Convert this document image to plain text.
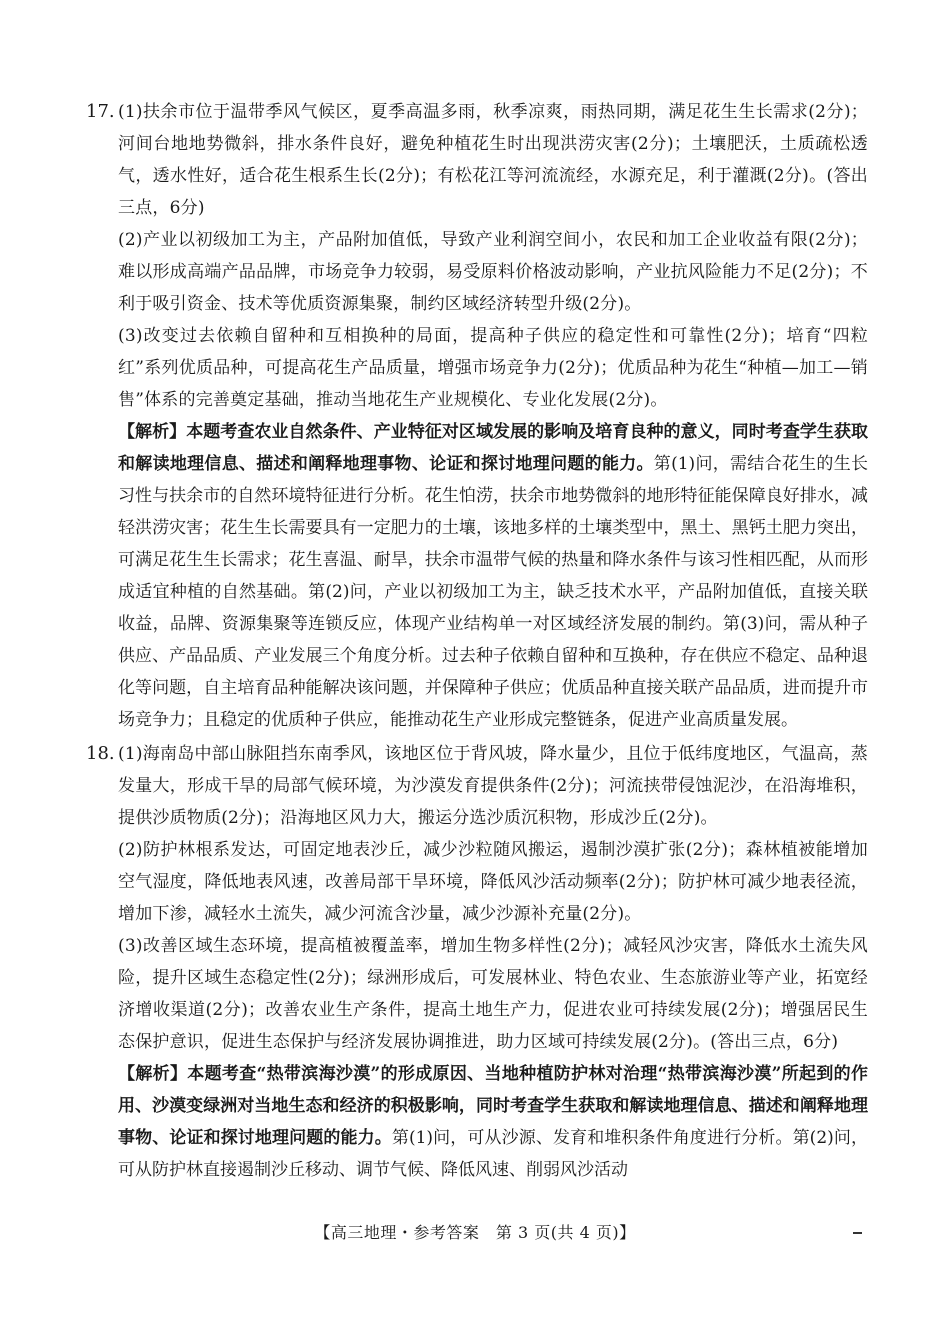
17. (1)扶余市位于温带季风气候区，夏季高温多雨，秋季凉爽，雨热同期，满足花生生长需求(2分)；河间台地地势微斜，排水条件良好，避免种植花生时出现洪涝灾害(2分)；土壤肥沃，土质疏松透气，透水性好，适合花生根系生长(2分)；有松花江等河流流经，水源充足，利于灌溉(2分)。(答出三点，6分)

(2)产业以初级加工为主，产品附加值低，导致产业利润空间小，农民和加工企业收益有限(2分)；难以形成高端产品品牌，市场竞争力较弱，易受原料价格波动影响，产业抗风险能力不足(2分)；不利于吸引资金、技术等优质资源集聚，制约区域经济转型升级(2分)。

(3)改变过去依赖自留种和互相换种的局面，提高种子供应的稳定性和可靠性(2分)；培育“四粒红”系列优质品种，可提高花生产品质量，增强市场竞争力(2分)；优质品种为花生“种植—加工—销售”体系的完善奠定基础，推动当地花生产业规模化、专业化发展(2分)。

【解析】本题考查农业自然条件、产业特征对区域发展的影响及培育良种的意义，同时考查学生获取和解读地理信息、描述和阐释地理事物、论证和探讨地理问题的能力。第(1)问，需结合花生的生长习性与扶余市的自然环境特征进行分析。花生怕涝，扶余市地势微斜的地形特征能保障良好排水，减轻洪涝灾害；花生生长需要具有一定肥力的土壤，该地多样的土壤类型中，黑土、黑钙土肥力突出，可满足花生生长需求；花生喜温、耐旱，扶余市温带气候的热量和降水条件与该习性相匹配，从而形成适宜种植的自然基础。第(2)问，产业以初级加工为主，缺乏技术水平，产品附加值低，直接关联收益，品牌、资源集聚等连锁反应，体现产业结构单一对区域经济发展的制约。第(3)问，需从种子供应、产品品质、产业发展三个角度分析。过去种子依赖自留种和互换种，存在供应不稳定、品种退化等问题，自主培育品种能解决该问题，并保障种子供应；优质品种直接关联产品品质，进而提升市场竞争力；且稳定的优质种子供应，能推动花生产业形成完整链条，促进产业高质量发展。

18. (1)海南岛中部山脉阻挡东南季风，该地区位于背风坡，降水量少，且位于低纬度地区，气温高，蒸发量大，形成干旱的局部气候环境，为沙漠发育提供条件(2分)；河流挟带侵蚀泥沙，在沿海堆积，提供沙质物质(2分)；沿海地区风力大，搬运分选沙质沉积物，形成沙丘(2分)。

(2)防护林根系发达，可固定地表沙丘，减少沙粒随风搬运，遏制沙漠扩张(2分)；森林植被能增加空气湿度，降低地表风速，改善局部干旱环境，降低风沙活动频率(2分)；防护林可减少地表径流，增加下渗，减轻水土流失，减少河流含沙量，减少沙源补充量(2分)。

(3)改善区域生态环境，提高植被覆盖率，增加生物多样性(2分)；减轻风沙灾害，降低水土流失风险，提升区域生态稳定性(2分)；绿洲形成后，可发展林业、特色农业、生态旅游业等产业，拓宽经济增收渠道(2分)；改善农业生产条件，提高土地生产力，促进农业可持续发展(2分)；增强居民生态保护意识，促进生态保护与经济发展协调推进，助力区域可持续发展(2分)。(答出三点，6分)

【解析】本题考查“热带滨海沙漠”的形成原因、当地种植防护林对治理“热带滨海沙漠”所起到的作用、沙漠变绿洲对当地生态和经济的积极影响，同时考查学生获取和解读地理信息、描述和阐释地理事物、论证和探讨地理问题的能力。第(1)问，可从沙源、发育和堆积条件角度进行分析。第(2)问，可从防护林直接遏制沙丘移动、调节气候、降低风速、削弱风沙活动

【高三地理・参考答案　第 3 页(共 4 页)】
